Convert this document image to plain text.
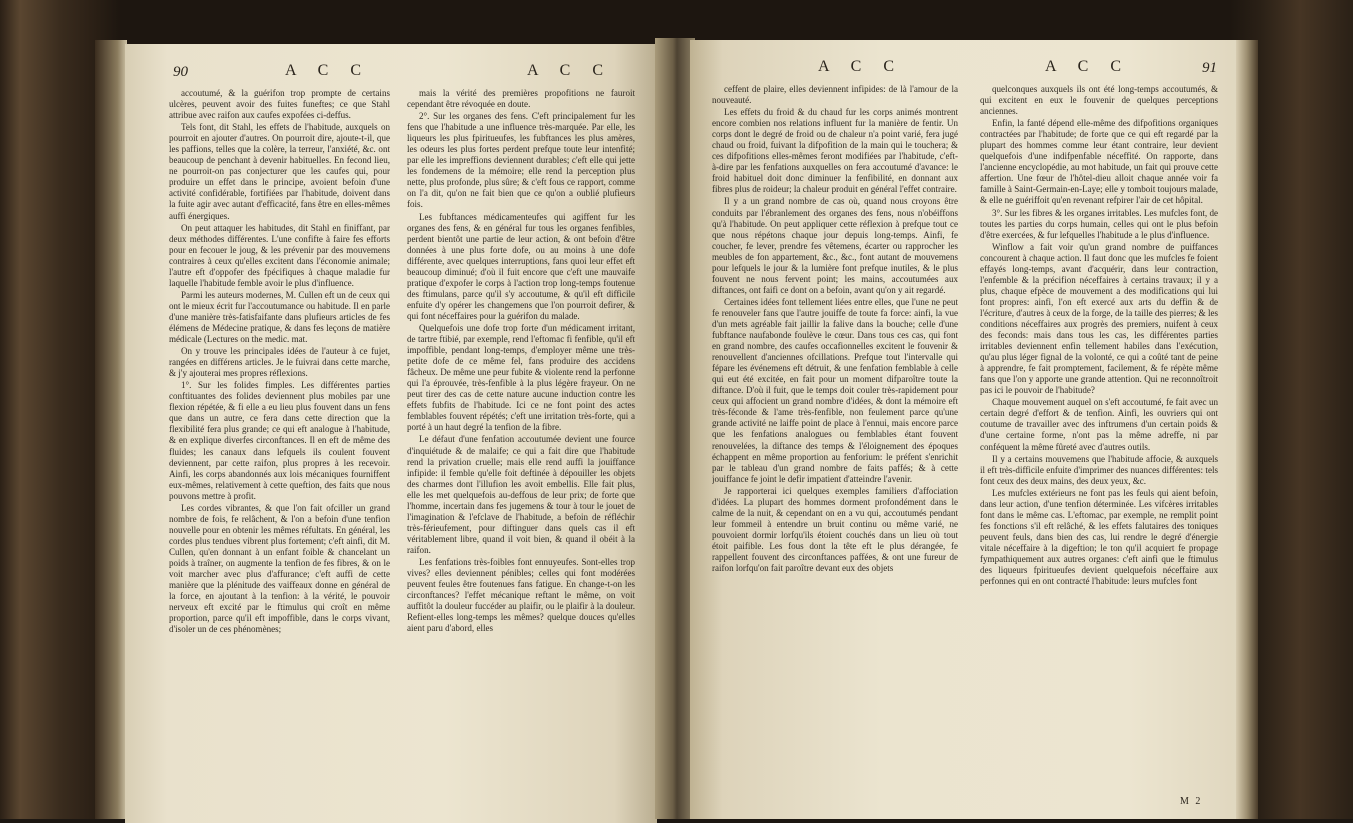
90	A C C	A C C

accoutumé, & la guérifon trop prompte de certains ulcères, peuvent avoir des fuites funeftes; ce que Stahl attribue avec raifon aux caufes expofées ci-deffus.

Tels font, dit Stahl, les effets de l'habitude, auxquels on pourroit en ajouter d'autres. On pourroit dire, ajoute-t-il, que les paffions, telles que la colère, la terreur, l'anxiété, &c. ont beaucoup de penchant à devenir habituelles. En fecond lieu, ne pourroit-on pas conjecturer que les caufes qui, pour produire un effet dans le principe, avoient befoin d'une activité confidérable, fortifiées par l'habitude, doivent dans la fuite agir avec autant d'efficacité, fans être en elles-mêmes auffi énergiques.

On peut attaquer les habitudes, dit Stahl en finiffant, par deux méthodes différentes. L'une confifte à faire fes efforts pour en fecouer le joug, & les prévenir par des mouvemens contraires à ceux qu'elles excitent dans l'économie animale; l'autre eft d'oppofer des fpécifiques à chaque maladie fur laquelle l'habitude femble avoir le plus d'influence.

Parmi les auteurs modernes, M. Cullen eft un de ceux qui ont le mieux écrit fur l'accoutumance ou habitude. Il en parle d'une manière très-fatisfaifante dans plufieurs articles de fes élémens de Médecine pratique, & dans fes leçons de matière médicale (Lectures on the medic. mat.

On y trouve les principales idées de l'auteur à ce fujet, rangées en différens articles. Je le fuivrai dans cette marche, & j'y ajouterai mes propres réflexions.

1°. Sur les folides fimples. Les différentes parties conftituantes des folides deviennent plus mobiles par une flexion répétée, & fi elle a eu lieu plus fouvent dans un fens que dans un autre, ce fera dans cette direction que la flexibilité fera plus grande; ce qui eft analogue à l'habitude, & en explique diverfes circonftances. Il en eft de même des fluides; les canaux dans lefquels ils coulent fouvent deviennent, par cette raifon, plus propres à les recevoir. Ainfi, les corps abandonnés aux lois mécaniques fourniffent eux-mêmes, relativement à cette queftion, des faits que nous pouvons mettre à profit.

Les cordes vibrantes, & que l'on fait ofciller un grand nombre de fois, fe relâchent, & l'on a befoin d'une tenfion nouvelle pour en obtenir les mêmes réfultats. En général, les cordes plus tendues vibrent plus fortement; c'eft ainfi, dit M. Cullen, qu'en donnant à un enfant foible & chancelant un poids à traîner, on augmente la tenfion de fes fibres, & on le voit marcher avec plus d'affurance; c'eft auffi de cette manière que la plénitude des vaiffeaux donne en général de la force, en ajoutant à la tenfion: à la vérité, le pouvoir nerveux eft excité par le ftimulus qui croît en même proportion, parce qu'il eft impoffible, dans le corps vivant, d'isoler un de ces phénomènes;

mais la vérité des premières propofitions ne fauroit cependant être révoquée en doute.

2°. Sur les organes des fens. C'eft principalement fur les fens que l'habitude a une influence très-marquée. Par elle, les liqueurs les plus fpiritueufes, les fubftances les plus amères, les odeurs les plus fortes perdent prefque toute leur intenfité; par elle les impreffions deviennent durables; c'eft elle qui jette les fondemens de la mémoire; elle rend la perception plus nette, plus profonde, plus sûre; & c'eft fous ce rapport, comme on l'a dit, qu'on ne fait bien que ce qu'on a oublié plufieurs fois.

Les fubftances médicamenteufes qui agiffent fur les organes des fens, & en général fur tous les organes fenfibles, perdent bientôt une partie de leur action, & ont befoin d'être données à une plus forte dofe, ou au moins à une dofe différente, avec quelques interruptions, fans quoi leur effet eft beaucoup diminué; d'où il fuit encore que c'eft une mauvaife pratique d'expofer le corps à l'action trop long-temps foutenue des ftimulans, parce qu'il s'y accoutume, & qu'il eft difficile enfuite d'y opérer les changemens que l'on pourroit defirer, & qui font néceffaires pour la guérifon du malade.

Quelquefois une dofe trop forte d'un médicament irritant, de tartre ftibié, par exemple, rend l'eftomac fi fenfible, qu'il eft impoffible, pendant long-temps, d'employer même une très-petite dofe de ce même fel, fans produire des accidens fâcheux. De même une peur fubite & violente rend la perfonne qui l'a éprouvée, très-fenfible à la plus légère frayeur. On ne peut tirer des cas de cette nature aucune induction contre les effets fubfits de l'habitude. Ici ce ne font point des actes femblables fouvent répétés; c'eft une irritation très-forte, qui a porté à un haut degré la tenfion de la fibre.

Le défaut d'une fenfation accoutumée devient une fource d'inquiétude & de malaife; ce qui a fait dire que l'habitude rend la privation cruelle; mais elle rend auffi la jouiffance infipide: il femble qu'elle foit deftinée à dépouiller les objets des charmes dont l'illufion les avoit embellis. Elle fait plus, elle les met quelquefois au-deffous de leur prix; de forte que l'homme, incertain dans fes jugemens & tour à tour le jouet de l'imagination & l'efclave de l'habitude, a befoin de réfléchir très-férieufement, pour diftinguer dans quels cas il eft véritablement libre, quand il voit bien, & quand il obéit à la raifon.

Les fenfations très-foibles font ennuyeufes. Sont-elles trop vives? elles deviennent pénibles; celles qui font modérées peuvent feules être foutenues fans fatigue. En change-t-on les circonftances? l'effet mécanique reftant le même, on voit auffitôt la douleur fuccéder au plaifir, ou le plaifir à la douleur. Refient-elles long-temps les mêmes? quelque douces qu'elles aient paru d'abord, elles

A C C	A C C	91

ceffent de plaire, elles deviennent infipides: de là l'amour de la nouveauté.

Les effets du froid & du chaud fur les corps animés montrent encore combien nos relations influent fur la manière de fentir. Un corps dont le degré de froid ou de chaleur n'a point varié, fera jugé chaud ou froid, fuivant la difpofition de la main qui le touchera; & ces difpofitions elles-mêmes feront modifiées par l'habitude, c'eft-à-dire par les fenfations auxquelles on fera accoutumé d'avance: le froid habituel doit donc diminuer la fenfibilité, en donnant aux fibres plus de roideur; la chaleur produit en général l'effet contraire.

Il y a un grand nombre de cas où, quand nous croyons être conduits par l'ébranlement des organes des fens, nous n'obéiffons qu'à l'habitude. On peut appliquer cette réflexion à prefque tout ce que nous répétons chaque jour depuis long-temps. Ainfi, fe coucher, fe lever, prendre fes vêtemens, écarter ou rapprocher les meubles de fon appartement, &c., &c., font autant de mouvemens pour lefquels le jour & la lumière font prefque inutiles, & le plus fouvent ne nous fervent point; les mains, accoutumées aux diftances, ont faifi ce dont on a befoin, avant qu'on y ait regardé.

Certaines idées font tellement liées entre elles, que l'une ne peut fe renouveler fans que l'autre jouiffe de toute fa force: ainfi, la vue d'un mets agréable fait jaillir la falive dans la bouche; celle d'une fubftance naufabonde foulève le cœur. Dans tous ces cas, qui font en grand nombre, des caufes occafionnelles excitent le fouvenir & renouvellent d'anciennes ofcillations. Prefque tout l'intervalle qui fépare les événemens eft détruit, & une fenfation femblable à celle qui eut été excitée, en fait pour un moment difparoître toute la diftance. D'où il fuit, que le temps doit couler très-rapidement pour ceux qui affocient un grand nombre d'idées, & dont la mémoire eft très-féconde & l'ame très-fenfible, non feulement parce qu'une grande activité ne laiffe point de place à l'ennui, mais encore parce que les fenfations analogues ou femblables étant fouvent renouvelées, la diftance des temps & l'éloignement des époques échappent en même proportion au fenforium: le préfent s'enrichit par le tableau d'un grand nombre de faits paffés; & à cette jouiffance fe joint le defir impatient d'atteindre l'avenir.

Je rapporterai ici quelques exemples familiers d'affociation d'idées. La plupart des hommes dorment profondément dans le calme de la nuit, & cependant on en a vu qui, accoutumés pendant leur fommeil à entendre un bruit continu ou même varié, ne pouvoient dormir lorfqu'ils étoient couchés dans un lieu où tout étoit paifible. Les fous dont la tête eft le plus dérangée, fe rappellent fouvent des circonftances paffées, & ont une fureur de raifon lorfqu'on fait paroître devant eux des objets

quelconques auxquels ils ont été long-temps accoutumés, & qui excitent en eux le fouvenir de quelques perceptions anciennes.

Enfin, la fanté dépend elle-même des difpofitions organiques contractées par l'habitude; de forte que ce qui eft regardé par la plupart des hommes comme leur étant contraire, leur devient quelquefois d'une indifpenfable néceffité. On rapporte, dans l'ancienne encyclopédie, au mot habitude, un fait qui prouve cette affertion. Une fœur de l'hôtel-dieu alloit chaque année voir fa famille à Saint-Germain-en-Laye; elle y tomboit toujours malade, & elle ne guériffoit qu'en revenant refpirer l'air de cet hôpital.

3°. Sur les fibres & les organes irritables. Les mufcles font, de toutes les parties du corps humain, celles qui ont le plus befoin d'être exercées, & fur lefquelles l'habitude a le plus d'influence.

Winflow a fait voir qu'un grand nombre de puiffances concourent à chaque action. Il faut donc que les mufcles fe foient effayés long-temps, avant d'acquérir, dans leur contraction, l'enfemble & la précifion néceffaires à certains travaux; il y a plus, chaque efpèce de mouvement a des modifications qui lui font propres: ainfi, l'on eft exercé aux arts du deffin & de l'écriture, d'autres à ceux de la forge, de la taille des pierres; & les conditions néceffaires aux progrès des premiers, nuifent à ceux des feconds: mais dans tous les cas, les différentes parties irritables deviennent enfin tellement habiles dans l'exécution, qu'au plus léger fignal de la volonté, ce qui a coûté tant de peine à apprendre, fe fait promptement, facilement, & fe répète même fans que l'on y apporte une grande attention. Qui ne reconnoîtroit pas ici le pouvoir de l'habitude?

Chaque mouvement auquel on s'eft accoutumé, fe fait avec un certain degré d'effort & de tenfion. Ainfi, les ouvriers qui ont coutume de travailler avec des inftrumens d'un certain poids & d'une certaine forme, n'ont pas la même adreffe, ni par conféquent la même fûreté avec d'autres outils.

Il y a certains mouvemens que l'habitude affocie, & auxquels il eft très-difficile enfuite d'imprimer des nuances différentes: tels font ceux des deux mains, des deux yeux, &c.

Les mufcles extérieurs ne font pas les feuls qui aient befoin, dans leur action, d'une tenfion déterminée. Les vifcères irritables font dans le même cas. L'eftomac, par exemple, ne remplit point fes fonctions s'il eft relâché, & les effets falutaires des toniques peuvent feuls, dans bien des cas, lui rendre le degré d'énergie vitale néceffaire à la digeftion; le ton qu'il acquiert fe propage fympathiquement aux autres organes: c'eft ainfi que le ftimulus des liqueurs fpiritueufes devient quelquefois néceffaire aux perfonnes qui en ont contracté l'habitude: leurs mufcles font

M 2
